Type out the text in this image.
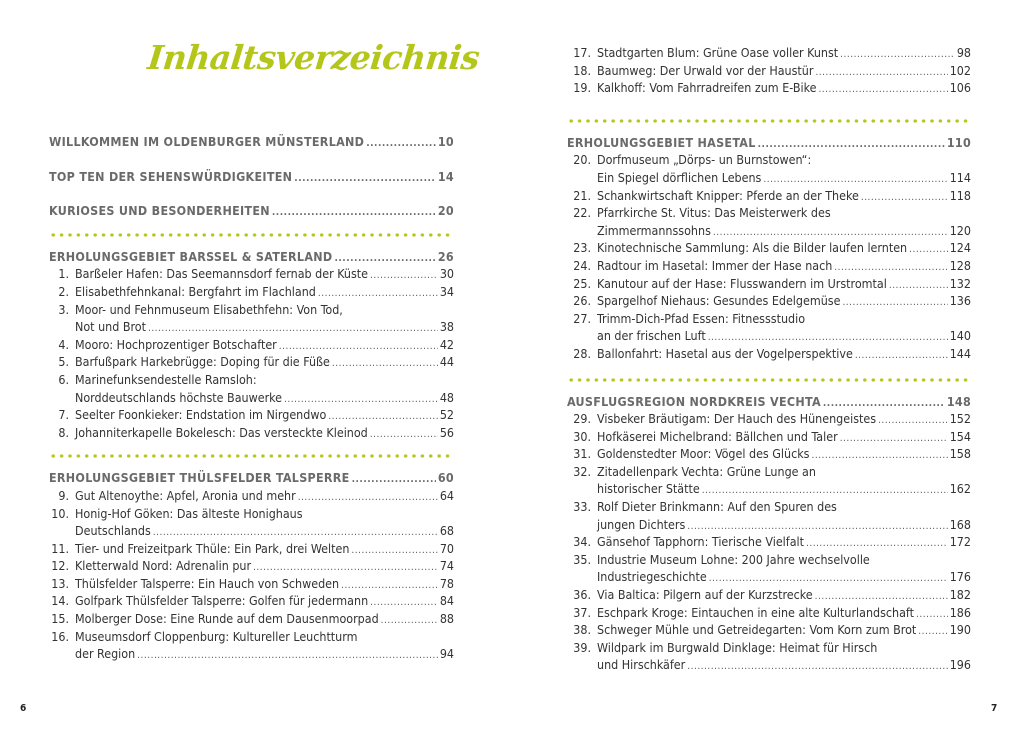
Inhaltsverzeichnis
WILLKOMMEN IM OLDENBURGER MÜNSTERLAND .....	10
TOP TEN DER SEHENSWÜRDIGKEITEN .....	14
KURIOSES UND BESONDERHEITEN .....	20
ERHOLUNGSGEBIET BARSSEL & SATERLAND .....	26
1. Barßeler Hafen: Das Seemannsdorf fernab der Küste .....	30
2. Elisabethfehnkanal: Bergfahrt im Flachland .....	34
3. Moor- und Fehnmuseum Elisabethfehn: Von Tod,
Not und Brot .....	38
4. Mooro: Hochprozentiger Botschafter .....	42
5. Barfußpark Harkebrügge: Doping für die Füße .....	44
6. Marinefunksendestelle Ramsloh:
Norddeutschlands höchste Bauwerke .....	48
7. Seelter Foonkieker: Endstation im Nirgendwo .....	52
8. Johanniterkapelle Bokelesch: Das versteckte Kleinod .....	56
ERHOLUNGSGEBIET THÜLSFELDER TALSPERRE .....	60
9. Gut Altenoythe: Apfel, Aronia und mehr .....	64
10. Honig-Hof Göken: Das älteste Honighaus
Deutschlands .....	68
11. Tier- und Freizeitpark Thüle: Ein Park, drei Welten .....	70
12. Kletterwald Nord: Adrenalin pur .....	74
13. Thülsfelder Talsperre: Ein Hauch von Schweden .....	78
14. Golfpark Thülsfelder Talsperre: Golfen für jedermann .....	84
15. Molberger Dose: Eine Runde auf dem Dausenmoorpad .....	88
16. Museumsdorf Cloppenburg: Kultureller Leuchtturm
der Region .....	94
6
17. Stadtgarten Blum: Grüne Oase voller Kunst .....	98
18. Baumweg: Der Urwald vor der Haustür .....	102
19. Kalkhoff: Vom Fahrradreifen zum E-Bike .....	106
ERHOLUNGSGEBIET HASETAL .....	110
20. Dorfmuseum „Dörps- un Burnstowen“:
Ein Spiegel dörflichen Lebens .....	114
21. Schankwirtschaft Knipper: Pferde an der Theke .....	118
22. Pfarrkirche St. Vitus: Das Meisterwerk des
Zimmermannssohns .....	120
23. Kinotechnische Sammlung: Als die Bilder laufen lernten .....	124
24. Radtour im Hasetal: Immer der Hase nach .....	128
25. Kanutour auf der Hase: Flusswandern im Urstromtal .....	132
26. Spargelhof Niehaus: Gesundes Edelgemüse .....	136
27. Trimm-Dich-Pfad Essen: Fitnessstudio
an der frischen Luft .....	140
28. Ballonfahrt: Hasetal aus der Vogelperspektive .....	144
AUSFLUGSREGION NORDKREIS VECHTA .....	148
29. Visbeker Bräutigam: Der Hauch des Hünengeistes .....	152
30. Hofkäserei Michelbrand: Bällchen und Taler .....	154
31. Goldenstedter Moor: Vögel des Glücks .....	158
32. Zitadellenpark Vechta: Grüne Lunge an
historischer Stätte .....	162
33. Rolf Dieter Brinkmann: Auf den Spuren des
jungen Dichters .....	168
34. Gänsehof Tapphorn: Tierische Vielfalt .....	172
35. Industrie Museum Lohne: 200 Jahre wechselvolle
Industriegeschichte .....	176
36. Via Baltica: Pilgern auf der Kurzstrecke .....	182
37. Eschpark Kroge: Eintauchen in eine alte Kulturlandschaft .....	186
38. Schweger Mühle und Getreidegarten: Vom Korn zum Brot .....	190
39. Wildpark im Burgwald Dinklage: Heimat für Hirsch
und Hirschkäfer .....	196
7
